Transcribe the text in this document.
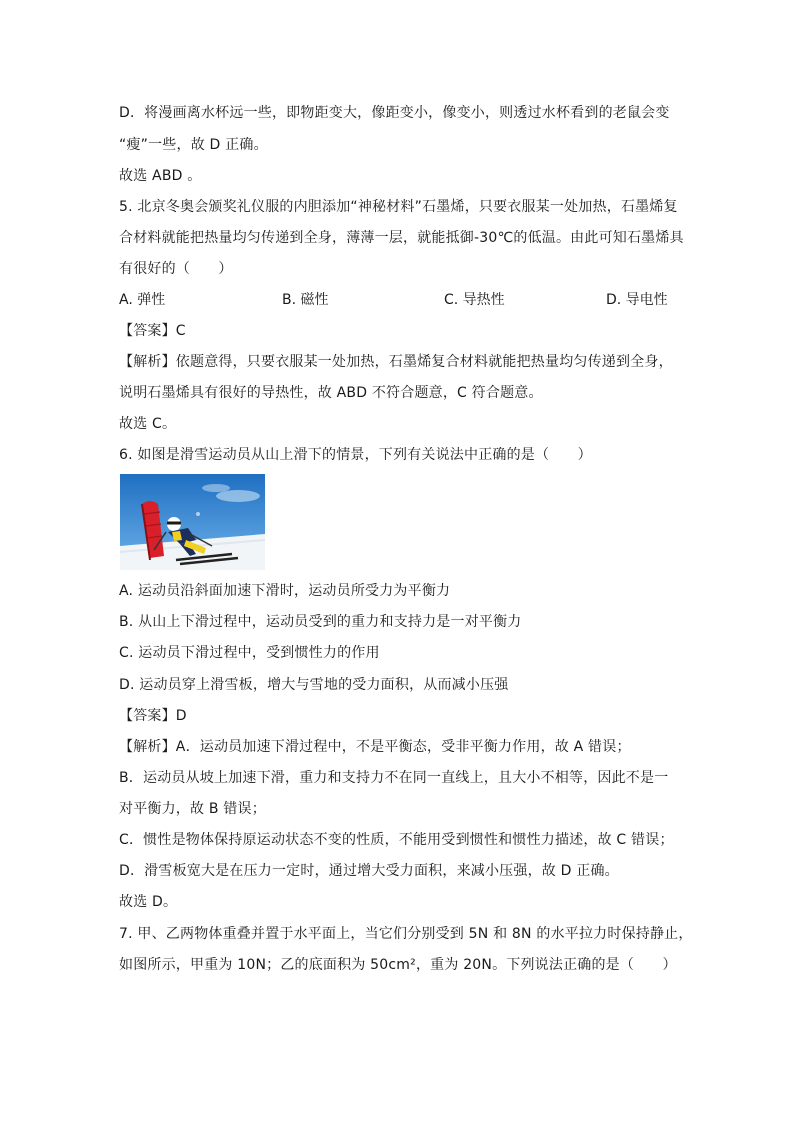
D．将漫画离水杯远一些，即物距变大，像距变小，像变小，则透过水杯看到的老鼠会变
“瘦”一些，故 D 正确。
故选 ABD 。
5. 北京冬奥会颁奖礼仪服的内胆添加“神秘材料”石墨烯，只要衣服某一处加热，石墨烯复
合材料就能把热量均匀传递到全身，薄薄一层，就能抵御-30℃的低温。由此可知石墨烯具
有很好的（　　）
A. 弹性	B. 磁性	C. 导热性	D. 导电性
【答案】C
【解析】依题意得，只要衣服某一处加热，石墨烯复合材料就能把热量均匀传递到全身，
说明石墨烯具有很好的导热性，故 ABD 不符合题意，C 符合题意。
故选 C。
6. 如图是滑雪运动员从山上滑下的情景，下列有关说法中正确的是（　　）
A. 运动员沿斜面加速下滑时，运动员所受力为平衡力
B. 从山上下滑过程中，运动员受到的重力和支持力是一对平衡力
C. 运动员下滑过程中，受到惯性力的作用
D. 运动员穿上滑雪板，增大与雪地的受力面积，从而减小压强
【答案】D
【解析】A．运动员加速下滑过程中，不是平衡态，受非平衡力作用，故 A 错误；
B．运动员从坡上加速下滑，重力和支持力不在同一直线上，且大小不相等，因此不是一
对平衡力，故 B 错误；
C．惯性是物体保持原运动状态不变的性质，不能用受到惯性和惯性力描述，故 C 错误；
D．滑雪板宽大是在压力一定时，通过增大受力面积，来减小压强，故 D 正确。
故选 D。
7. 甲、乙两物体重叠并置于水平面上，当它们分别受到 5N 和 8N 的水平拉力时保持静止，
如图所示，甲重为 10N；乙的底面积为 50cm²，重为 20N。下列说法正确的是（　　）
